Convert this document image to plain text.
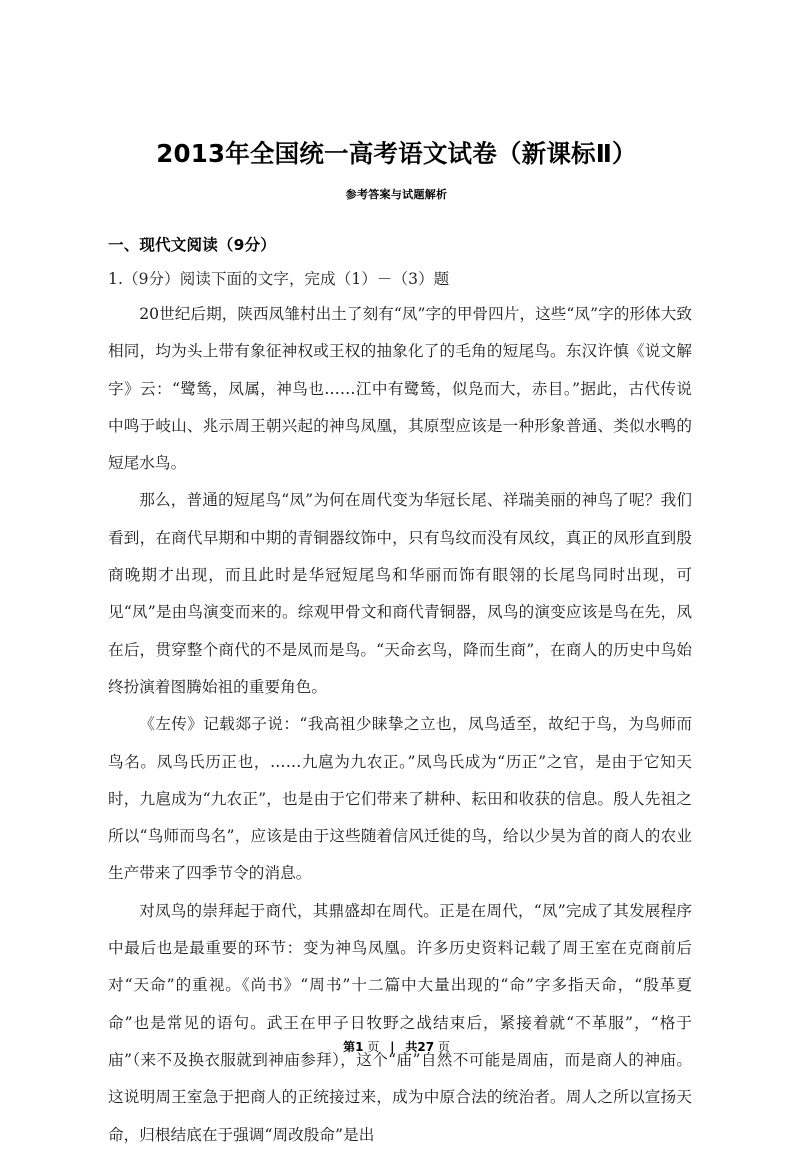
2013年全国统一高考语文试卷（新课标Ⅱ）
参考答案与试题解析
一、现代文阅读（9分）
1.（9分）阅读下面的文字，完成（1）－（3）题

20世纪后期，陕西凤雏村出土了刻有“凤”字的甲骨四片，这些“凤”字的形体大致相同，均为头上带有象征神权或王权的抽象化了的毛角的短尾鸟。东汉许慎《说文解字》云：“鹭鸶，凤属，神鸟也……江中有鹭鸶，似凫而大，赤目。”据此，古代传说中鸣于岐山、兆示周王朝兴起的神鸟凤凰，其原型应该是一种形象普通、类似水鸭的短尾水鸟。

那么，普通的短尾鸟“凤”为何在周代变为华冠长尾、祥瑞美丽的神鸟了呢？我们看到，在商代早期和中期的青铜器纹饰中，只有鸟纹而没有凤纹，真正的凤形直到殷商晚期才出现，而且此时是华冠短尾鸟和华丽而饰有眼翎的长尾鸟同时出现，可见“凤”是由鸟演变而来的。综观甲骨文和商代青铜器，凤鸟的演变应该是鸟在先，凤在后，贯穿整个商代的不是凤而是鸟。“天命玄鸟，降而生商”，在商人的历史中鸟始终扮演着图腾始祖的重要角色。

《左传》记载郯子说：“我高祖少睐挚之立也，凤鸟适至，故纪于鸟，为鸟师而鸟名。凤鸟氏历正也，……九扈为九农正。”凤鸟氏成为“历正”之官，是由于它知天时，九扈成为“九农正”，也是由于它们带来了耕种、耘田和收获的信息。殷人先祖之所以“鸟师而鸟名”，应该是由于这些随着信风迁徙的鸟，给以少昊为首的商人的农业生产带来了四季节令的消息。

对凤鸟的崇拜起于商代，其鼎盛却在周代。正是在周代，“凤”完成了其发展程序中最后也是最重要的环节：变为神鸟凤凰。许多历史资料记载了周王室在克商前后对“天命”的重视。《尚书》“周书”十二篇中大量出现的“命”字多指天命，“殷革夏命”也是常见的语句。武王在甲子日牧野之战结束后，紧接着就“不革服”，“格于庙”（来不及换衣服就到神庙参拜），这个“庙”自然不可能是周庙，而是商人的神庙。这说明周王室急于把商人的正统接过来，成为中原合法的统治者。周人之所以宣扬天命，归根结底在于强调“周改殷命”是出

第1 页 | 共27 页
